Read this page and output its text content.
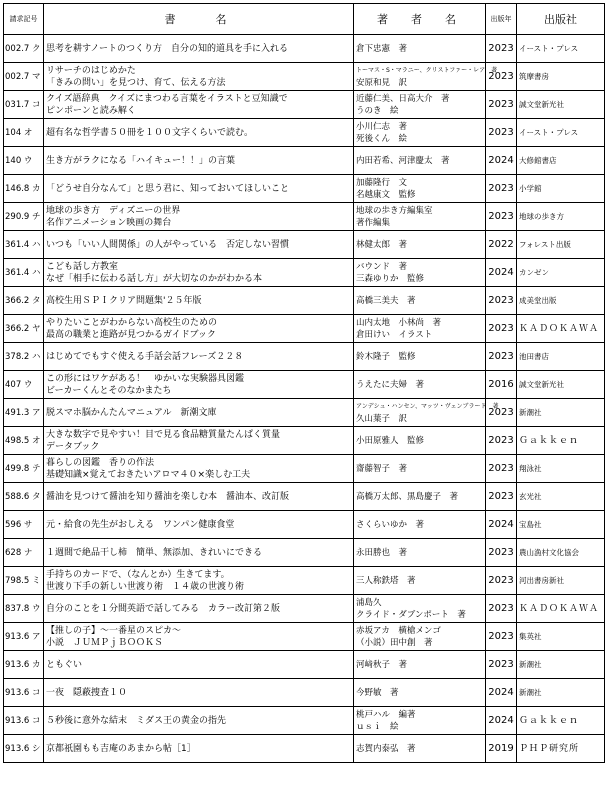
請求記号	書　　名	著　者　名	出版年	出版社
002.7 ク	思考を耕すノートのつくり方　自分の知的道具を手に入れる	倉下忠憲　著	2023	イースト・プレス
002.7 マ	リサーチのはじめかた
「きみの問い」を見つけ、育て、伝える方法	トーマス・S・マラニー、クリストファー・レア　著
安原和見　訳	2023	筑摩書房
031.7 コ	クイズ語辞典　クイズにまつわる言葉をイラストと豆知識で
ピンポーンと読み解く	近藤仁美、日高大介　著
うのき　絵	2023	誠文堂新光社
104 オ	超有名な哲学書５０冊を１００文字くらいで読む。	小川仁志　著
死後くん　絵	2023	イースト・プレス
140 ウ	生き方がラクになる「ハイキュー！！」の言葉	内田若希、河津慶太　著	2024	大修館書店
146.8 カ	「どうせ自分なんて」と思う君に、知っておいてほしいこと	加藤隆行　文
名越康文　監修	2023	小学館
290.9 チ	地球の歩き方　ディズニーの世界
名作アニメーション映画の舞台	地球の歩き方編集室
著作編集	2023	地球の歩き方
361.4 ハ	いつも「いい人間関係」の人がやっている　否定しない習慣	林健太郎　著	2022	フォレスト出版
361.4 ハ	こども話し方教室
なぜ「相手に伝わる話し方」が大切なのかがわかる本	バウンド　著
三森ゆりか　監修	2024	カンゼン
366.2 タ	高校生用ＳＰＩクリア問題集'２５年版	高橋三美夫　著	2023	成美堂出版
366.2 ヤ	やりたいことがわからない高校生のための
最高の職業と進路が見つかるガイドブック	山内太地　小林尚　著
倉田けい　イラスト	2023	ＫＡＤＯＫＡＷＡ
378.2 ハ	はじめてでもすぐ使える手話会話フレーズ２２８	鈴木隆子　監修	2023	池田書店
407 ウ	この形にはワケがある！　ゆかいな実験器具図鑑
ビーカーくんとそのなかまたち	うえたに夫婦　著	2016	誠文堂新光社
491.3 ア	脱スマホ脳かんたんマニュアル　新潮文庫	アンデシュ・ハンセン、マッツ・ヴェンブラード　著
久山葉子　訳	2023	新潮社
498.5 オ	大きな数字で見やすい！目で見る食品糖質量たんぱく質量
データブック	小田原雅人　監修	2023	Ｇａｋｋｅｎ
499.8 テ	暮らしの図鑑　香りの作法
基礎知識×覚えておきたいアロマ４０×楽しむ工夫	齋藤智子　著	2023	翔泳社
588.6 タ	醤油を見つけて醤油を知り醤油を楽しむ本　醤油本、改訂版	高橋万太郎、黒島慶子　著	2023	玄光社
596 サ	元・給食の先生がおしえる　ワンパン健康食堂	さくらいゆか　著	2024	宝島社
628 ナ	１週間で絶品干し柿　簡単、無添加、きれいにできる	永田勝也　著	2023	農山漁村文化協会
798.5 ミ	手持ちのカードで、（なんとか）生きてます。
世渡り下手の新しい世渡り術　１４歳の世渡り術	三人称鉄塔　著	2023	河出書房新社
837.8 ウ	自分のことを１分間英語で話してみる　カラー改訂第２版	浦島久
クライド・ダブンポート　著	2023	ＫＡＤＯＫＡＷＡ
913.6 ア	【推しの子】～一番星のスピカ～
小説　ＪＵＭＰｊＢＯＯＫＳ	赤坂アカ　横槍メンゴ
（小説）田中創　著	2023	集英社
913.6 カ	ともぐい	河﨑秋子　著	2023	新潮社
913.6 コ	一夜　隠蔽捜査１０	今野敏　著	2024	新潮社
913.6 コ	５秒後に意外な結末　ミダス王の黄金の指先	桃戸ハル　編著
ｕｓｉ　絵	2024	Ｇａｋｋｅｎ
913.6 シ	京都祇園もも吉庵のあまから帖［1］	志賀内泰弘　著	2019	ＰＨＰ研究所
